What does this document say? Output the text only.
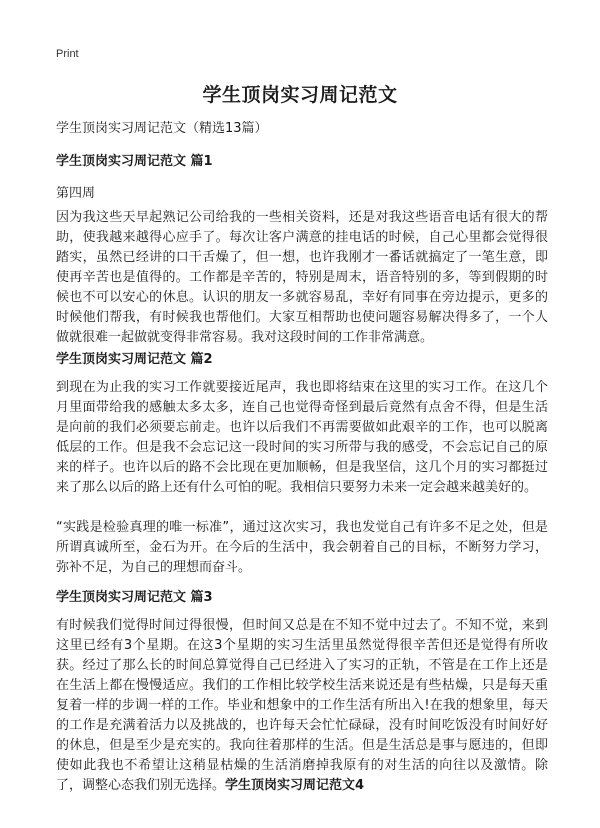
Print
学生顶岗实习周记范文
学生顶岗实习周记范文（精选13篇）
学生顶岗实习周记范文 篇1
第四周

因为我这些天早起熟记公司给我的一些相关资料，还是对我这些语音电话有很大的帮助，使我越来越得心应手了。每次让客户满意的挂电话的时候，自己心里都会觉得很踏实，虽然已经讲的口干舌燥了，但一想，也许我刚才一番话就搞定了一笔生意，即使再辛苦也是值得的。工作都是辛苦的，特别是周末，语音特别的多，等到假期的时候也不可以安心的休息。认识的朋友一多就容易乱，幸好有同事在旁边提示，更多的时候他们帮我，有时候我也帮他们。大家互相帮助也使问题容易解决得多了，一个人做就很难一起做就变得非常容易。我对这段时间的工作非常满意。

学生顶岗实习周记范文 篇2

到现在为止我的实习工作就要接近尾声，我也即将结束在这里的实习工作。在这几个月里面带给我的感触太多太多，连自己也觉得奇怪到最后竟然有点舍不得，但是生活是向前的我们必须要忘前走。也许以后我们不再需要做如此艰辛的工作，也可以脱离低层的工作。但是我不会忘记这一段时间的实习所带与我的感受，不会忘记自己的原来的样子。也许以后的路不会比现在更加顺畅，但是我坚信，这几个月的实习都挺过来了那么以后的路上还有什么可怕的呢。我相信只要努力未来一定会越来越美好的。

“实践是检验真理的唯一标准”，通过这次实习，我也发觉自己有许多不足之处，但是所谓真诚所至，金石为开。在今后的生活中，我会朝着自己的目标，不断努力学习，弥补不足，为自己的理想而奋斗。

学生顶岗实习周记范文 篇3

有时候我们觉得时间过得很慢，但时间又总是在不知不觉中过去了。不知不觉，来到这里已经有3个星期。在这3个星期的实习生活里虽然觉得很辛苦但还是觉得有所收获。经过了那么长的时间总算觉得自己已经进入了实习的正轨，不管是在工作上还是在生活上都在慢慢适应。我们的工作相比较学校生活来说还是有些枯燥，只是每天重复着一样的步调一样的工作。毕业和想象中的工作生活有所出入!在我的想象里，每天的工作是充满着活力以及挑战的，也许每天会忙忙碌碌，没有时间吃饭没有时间好好的休息，但是至少是充实的。我向往着那样的生活。但是生活总是事与愿违的，但即使如此我也不希望让这稍显枯燥的生活消磨掉我原有的对生活的向往以及激情。除了，调整心态我们别无选择。学生顶岗实习周记范文4
